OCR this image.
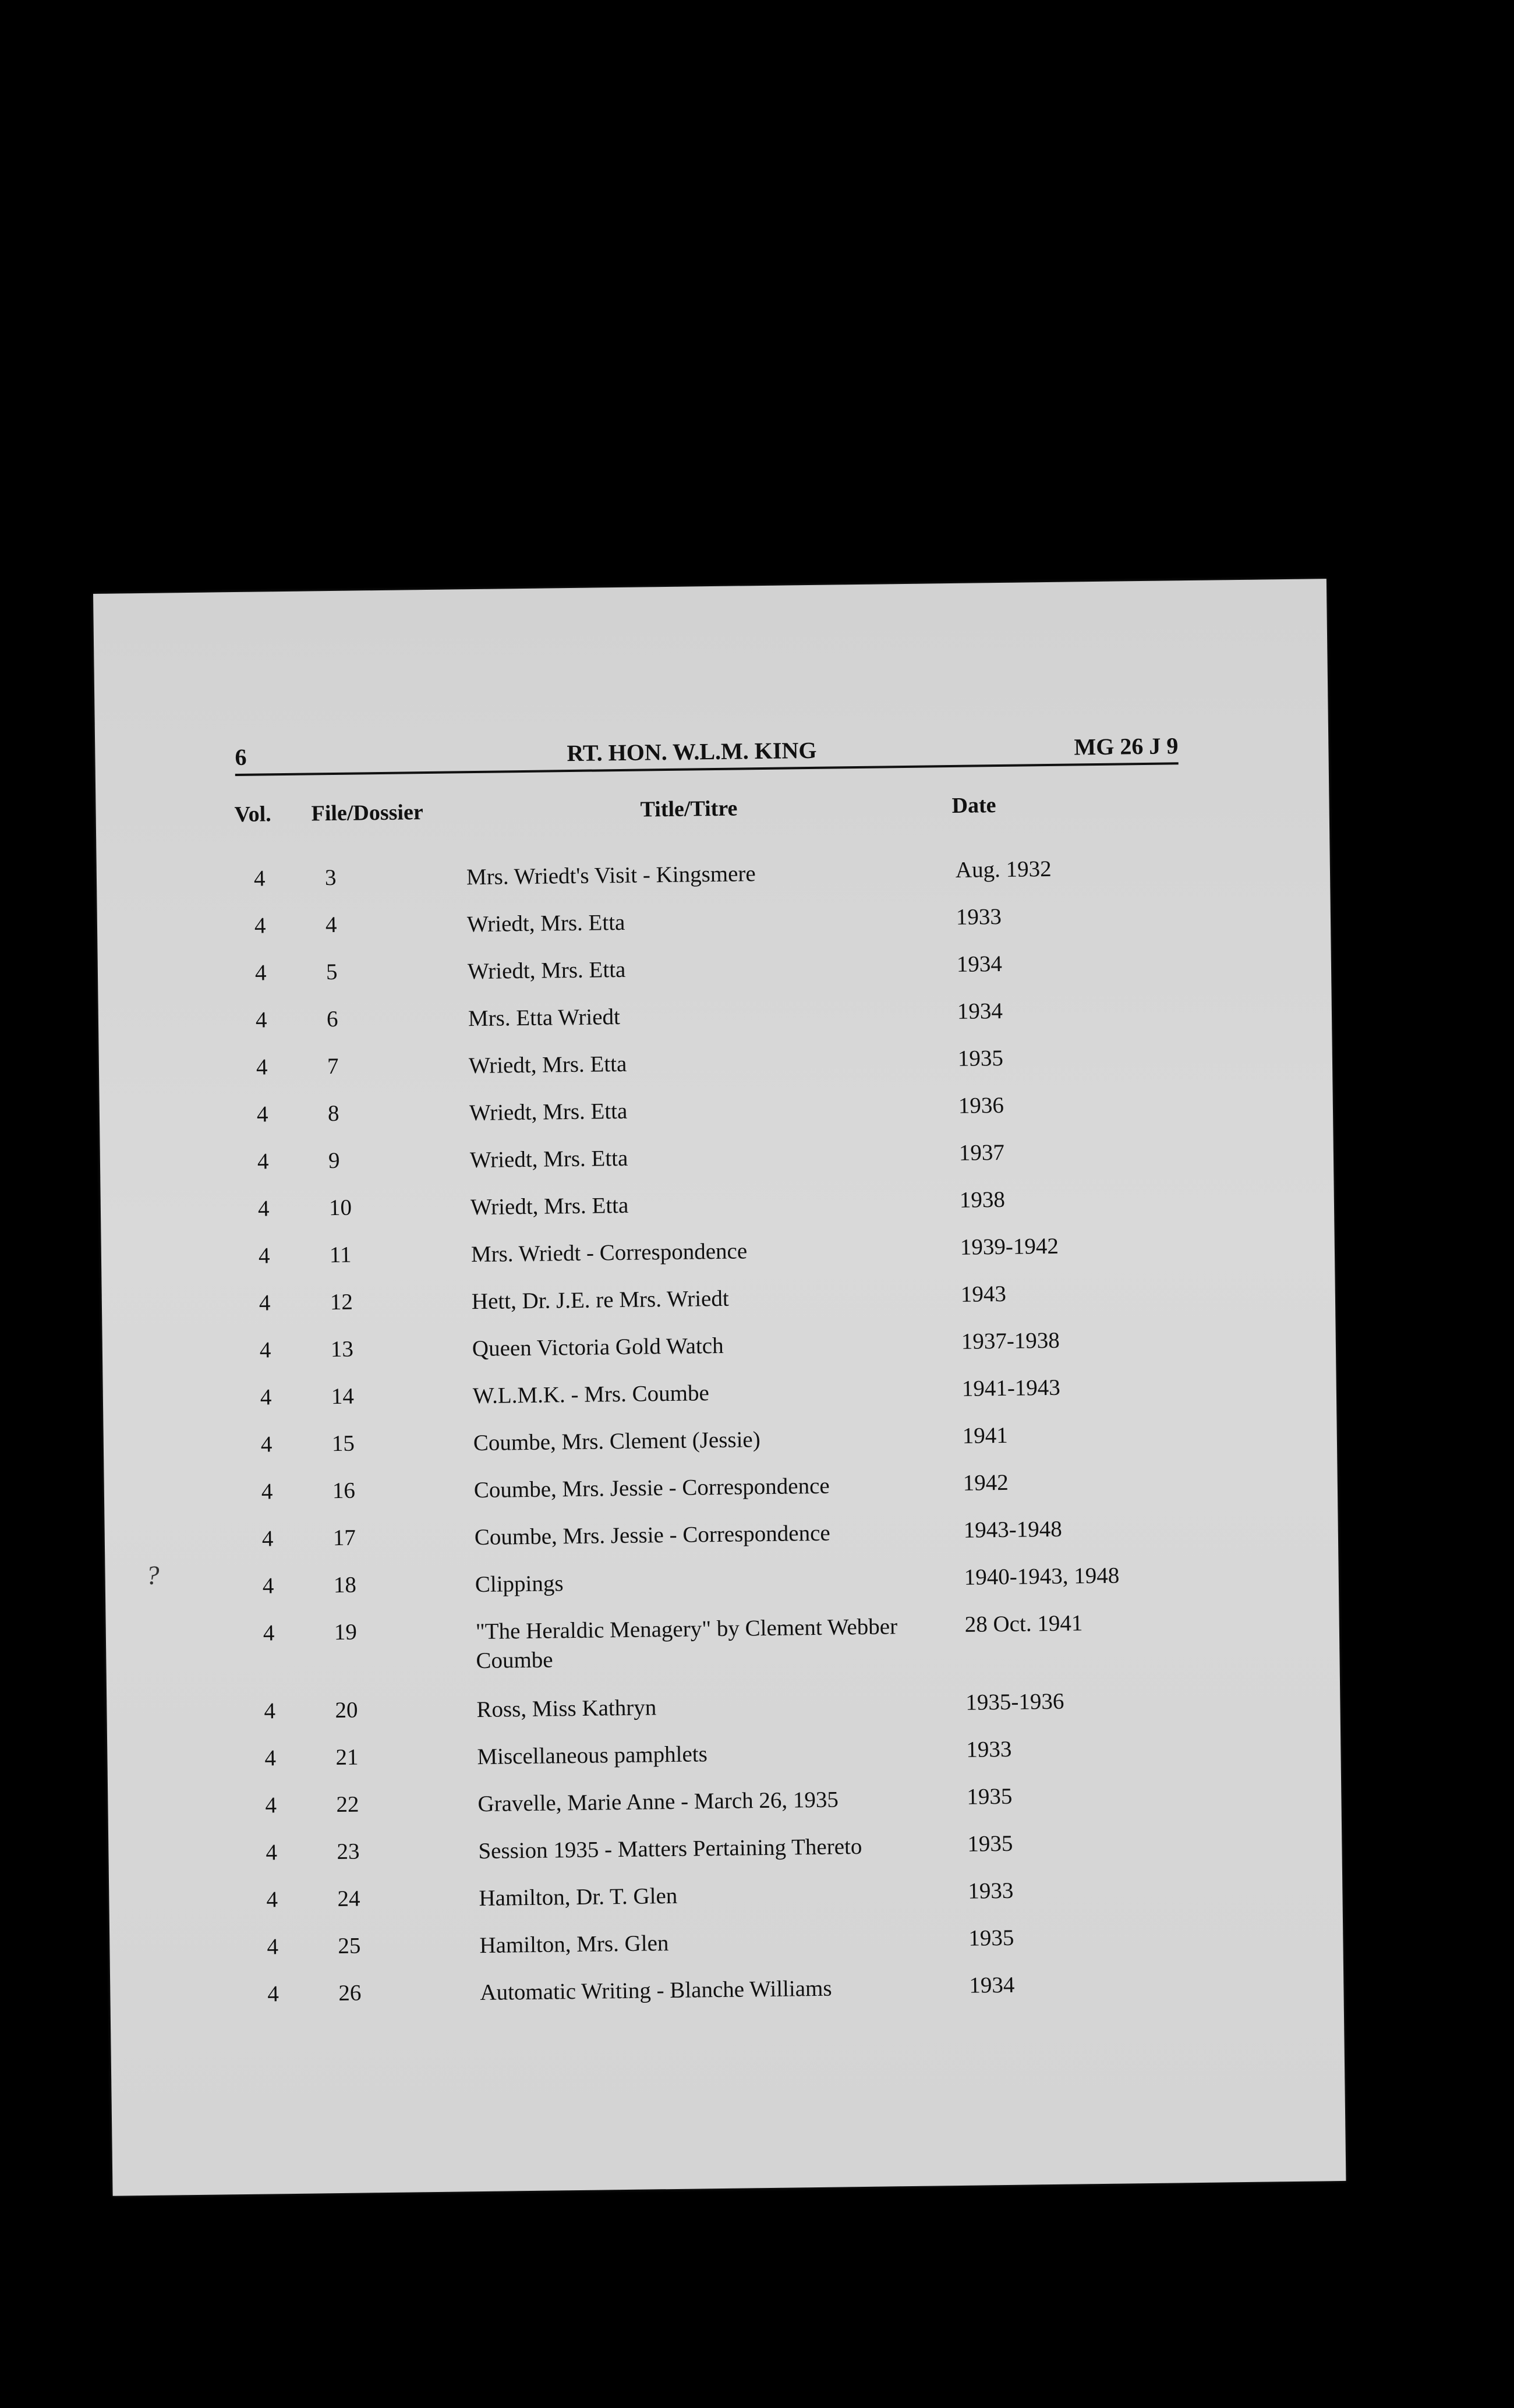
6	RT. HON. W.L.M. KING	MG 26 J 9
Vol. File/Dossier	Title/Titre	Date
?
4	3	Mrs. Wriedt's Visit - Kingsmere	Aug. 1932
4	4	Wriedt, Mrs. Etta	1933
4	5	Wriedt, Mrs. Etta	1934
4	6	Mrs. Etta Wriedt	1934
4	7	Wriedt, Mrs. Etta	1935
4	8	Wriedt, Mrs. Etta	1936
4	9	Wriedt, Mrs. Etta	1937
4	10	Wriedt, Mrs. Etta	1938
4	11	Mrs. Wriedt - Correspondence	1939-1942
4	12	Hett, Dr. J.E. re Mrs. Wriedt	1943
4	13	Queen Victoria Gold Watch	1937-1938
4	14	W.L.M.K. - Mrs. Coumbe	1941-1943
4	15	Coumbe, Mrs. Clement (Jessie)	1941
4	16	Coumbe, Mrs. Jessie - Correspondence	1942
4	17	Coumbe, Mrs. Jessie - Correspondence	1943-1948
4	18	Clippings	1940-1943, 1948
4	19	"The Heraldic Menagery" by Clement Webber Coumbe
28 Oct. 1941
4	20	Ross, Miss Kathryn	1935-1936
4	21	Miscellaneous pamphlets	1933
4	22	Gravelle, Marie Anne - March 26, 1935	1935
4	23	Session 1935 - Matters Pertaining Thereto	1935
4	24	Hamilton, Dr. T. Glen	1933
4	25	Hamilton, Mrs. Glen	1935
4	26	Automatic Writing - Blanche Williams	1934
